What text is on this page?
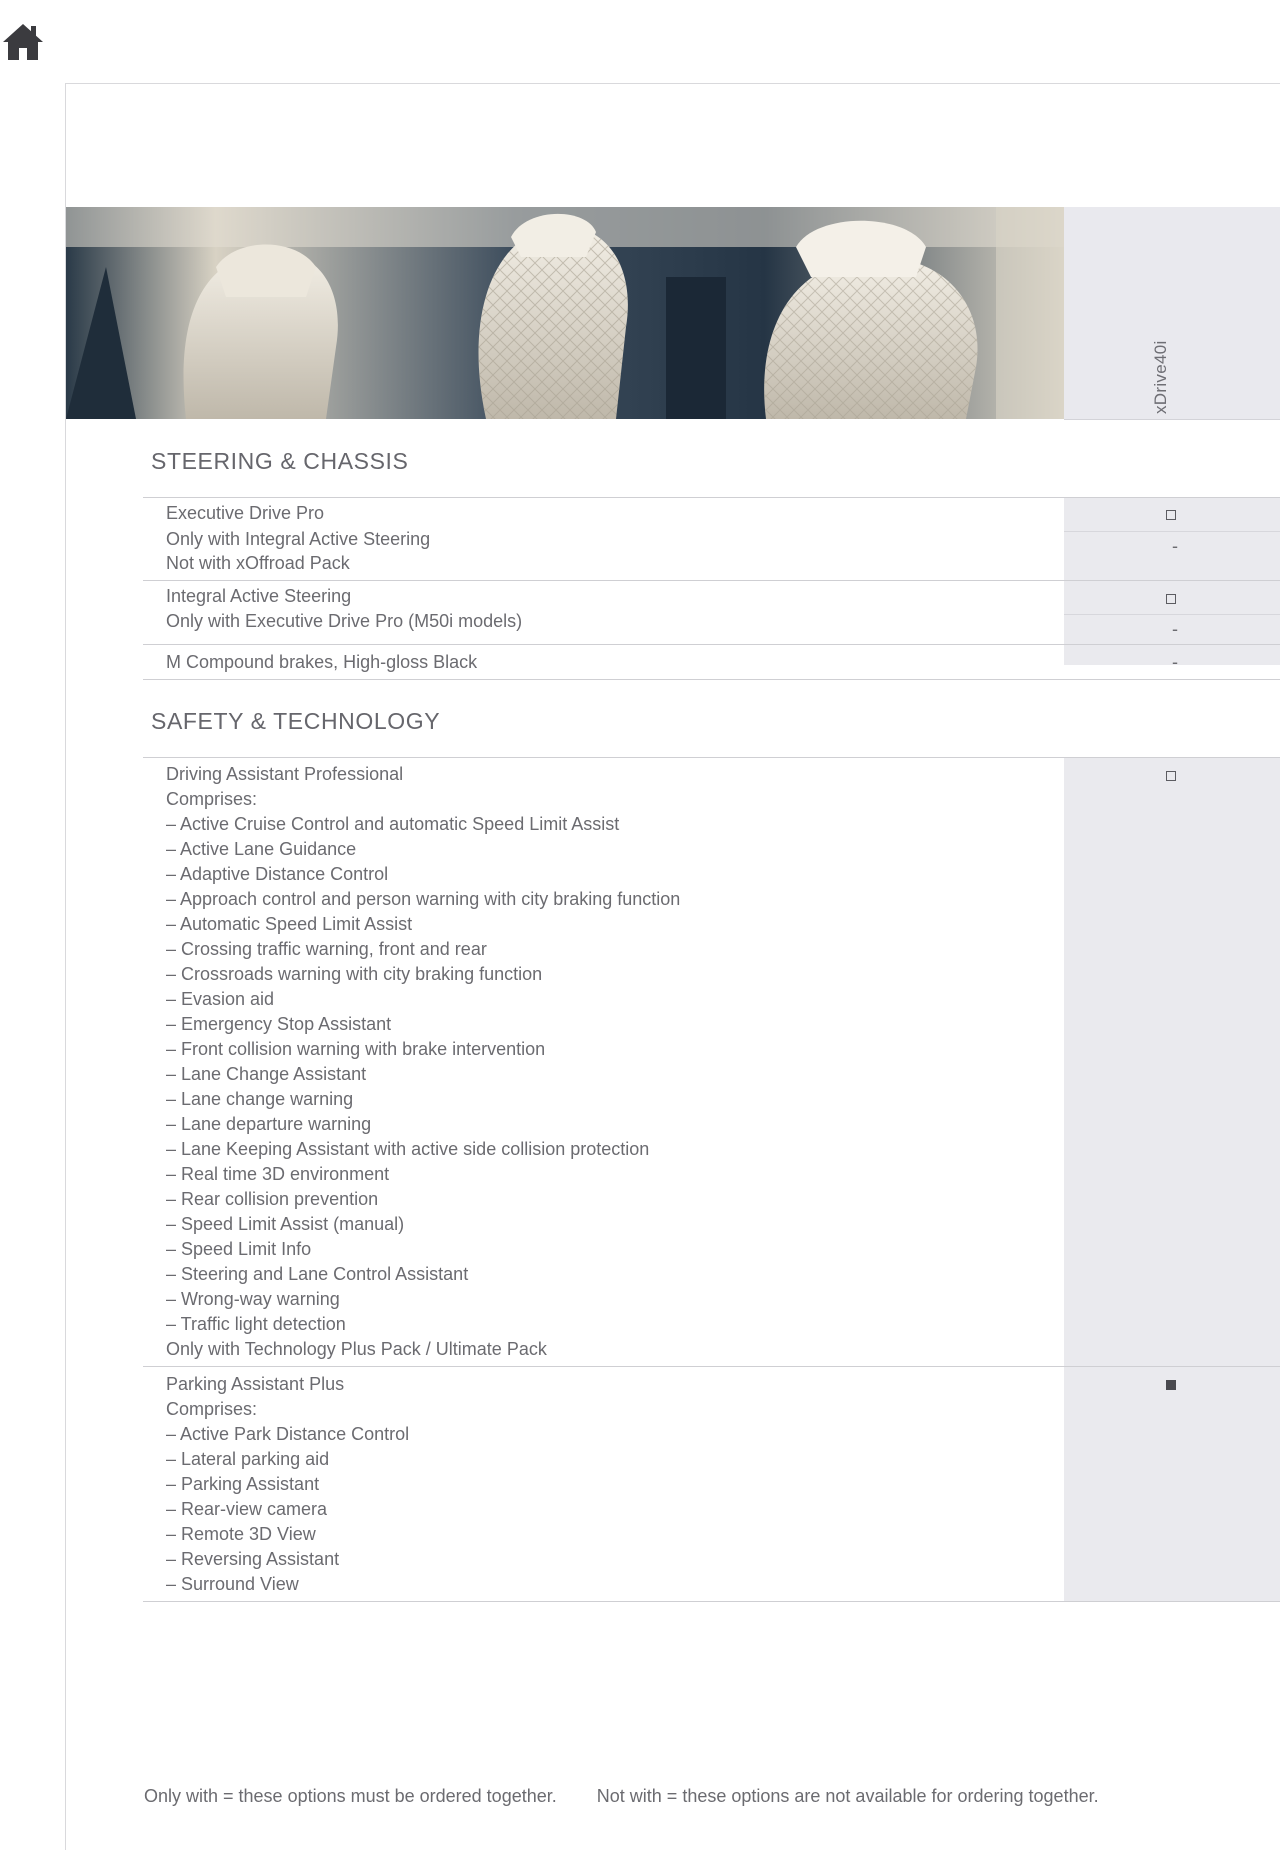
xDrive40i
STEERING & CHASSIS
Executive Drive Pro
Only with Integral Active Steering
Not with xOffroad Pack
-
Integral Active Steering
Only with Executive Drive Pro (M50i models)	-
M Compound brakes, High-gloss Black	-
SAFETY & TECHNOLOGY
Driving Assistant Professional
Comprises:
– Active Cruise Control and automatic Speed Limit Assist
– Active Lane Guidance
– Adaptive Distance Control
– Approach control and person warning with city braking function
– Automatic Speed Limit Assist
– Crossing traffic warning, front and rear
– Crossroads warning with city braking function
– Evasion aid
– Emergency Stop Assistant
– Front collision warning with brake intervention
– Lane Change Assistant
– Lane change warning
– Lane departure warning
– Lane Keeping Assistant with active side collision protection
– Real time 3D environment
– Rear collision prevention
– Speed Limit Assist (manual)
– Speed Limit Info
– Steering and Lane Control Assistant
– Wrong-way warning
– Traffic light detection
Only with Technology Plus Pack / Ultimate Pack
Parking Assistant Plus
Comprises:
– Active Park Distance Control
– Lateral parking aid
– Parking Assistant
– Rear-view camera
– Remote 3D View
– Reversing Assistant
– Surround View
Only with = these options must be ordered together. Not with = these options are not available for ordering together.
